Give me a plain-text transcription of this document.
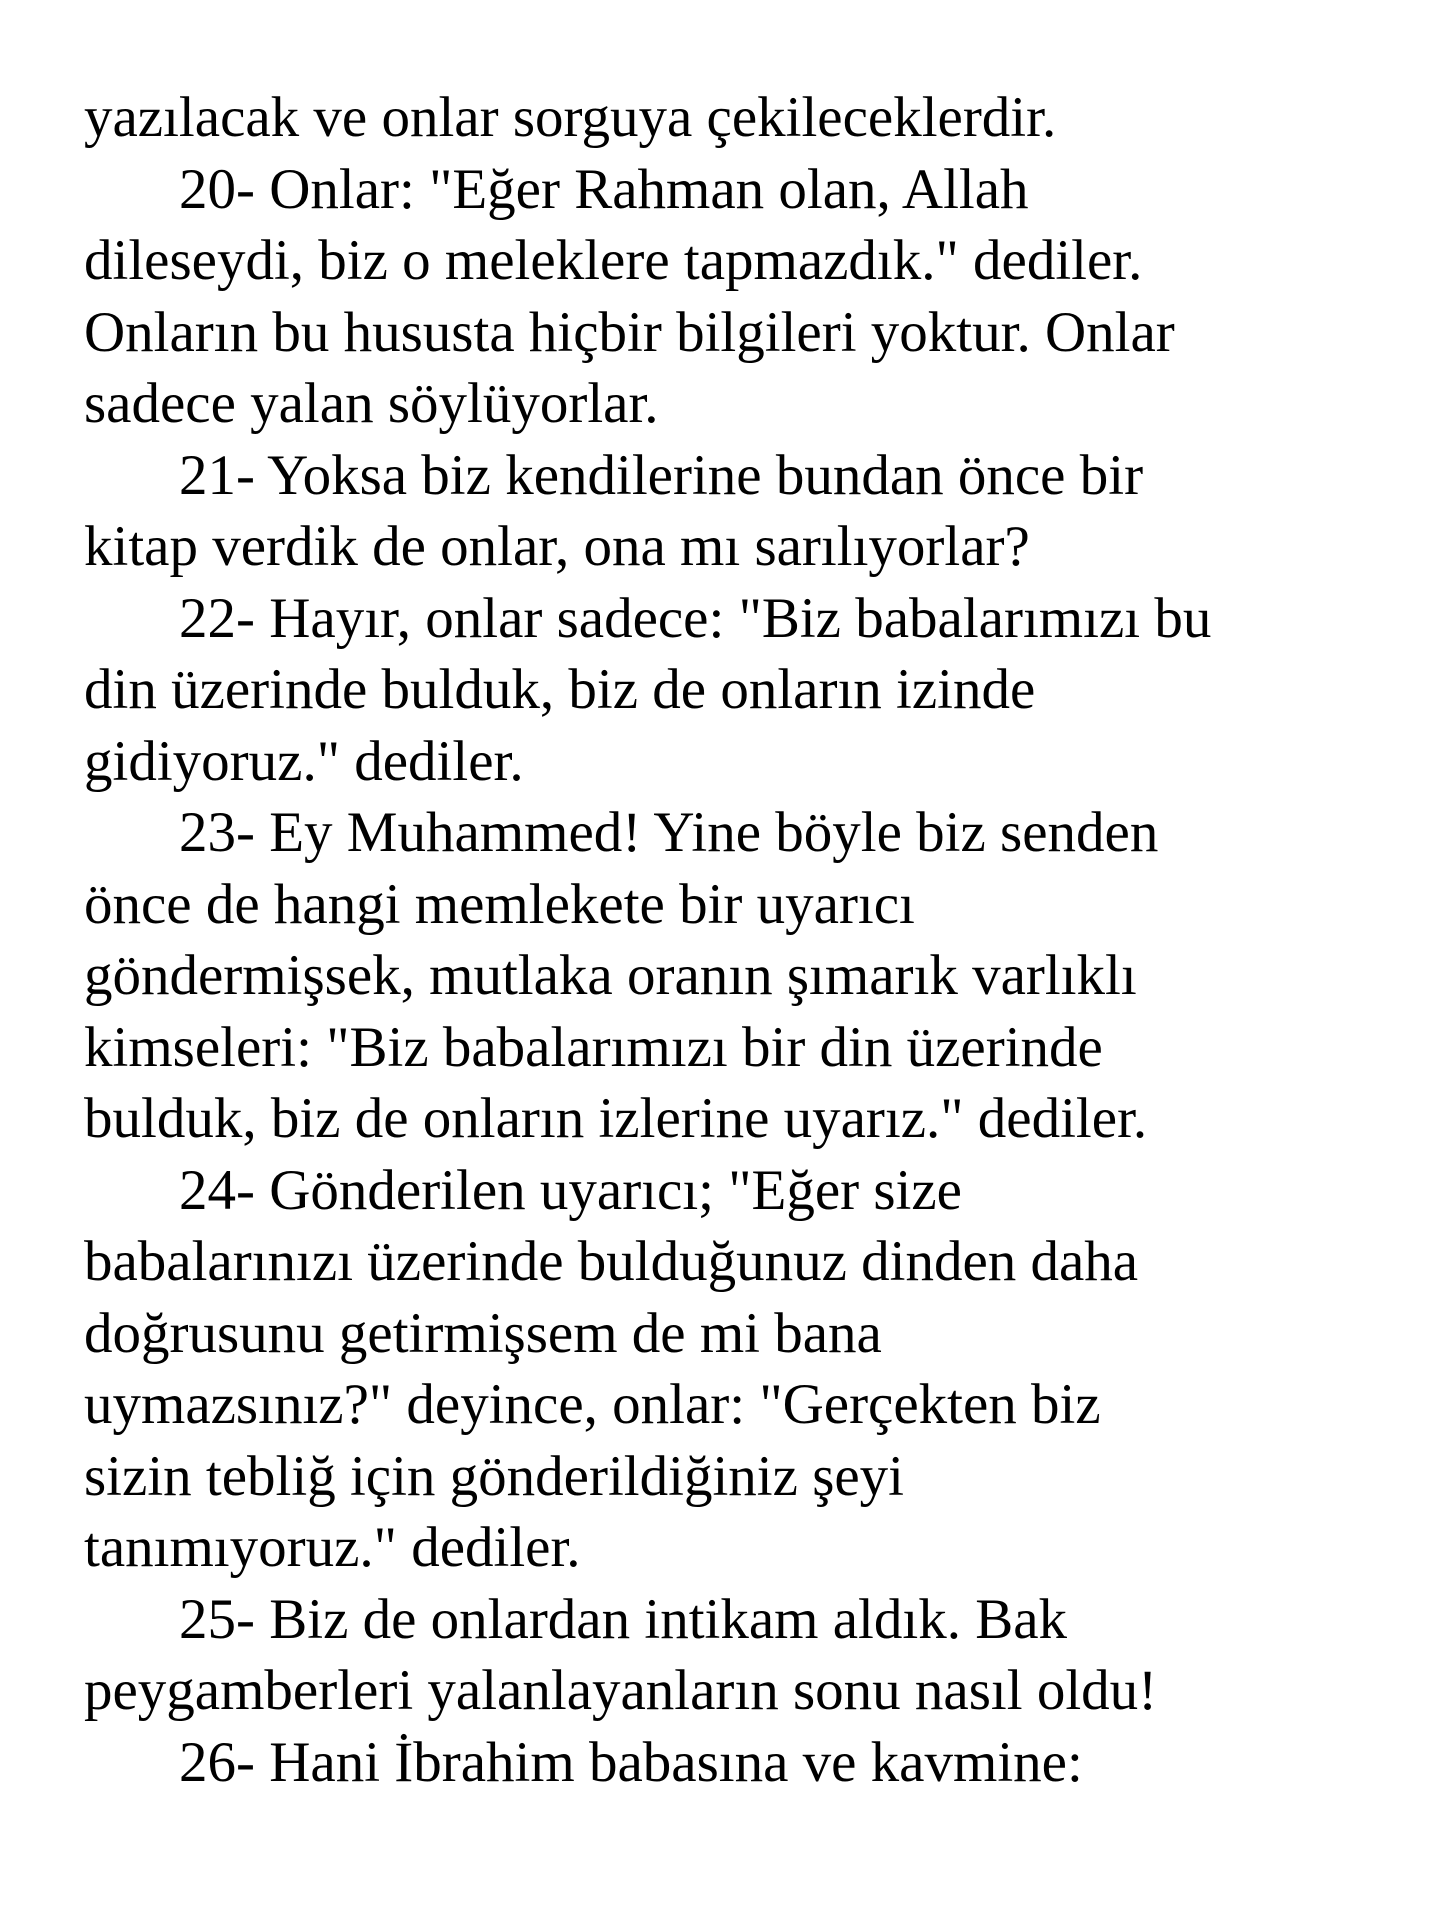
yazılacak ve onlar sorguya çekileceklerdir.

20- Onlar: "Eğer Rahman olan, Allah
dileseydi, biz o meleklere tapmazdık." dediler.
Onların bu hususta hiçbir bilgileri yoktur. Onlar
sadece yalan söylüyorlar.

21- Yoksa biz kendilerine bundan önce bir
kitap verdik de onlar, ona mı sarılıyorlar?

22- Hayır, onlar sadece: "Biz babalarımızı bu
din üzerinde bulduk, biz de onların izinde
gidiyoruz." dediler.

23- Ey Muhammed! Yine böyle biz senden
önce de hangi memlekete bir uyarıcı
göndermişsek, mutlaka oranın şımarık varlıklı
kimseleri: "Biz babalarımızı bir din üzerinde
bulduk, biz de onların izlerine uyarız." dediler.

24- Gönderilen uyarıcı; "Eğer size
babalarınızı üzerinde bulduğunuz dinden daha
doğrusunu getirmişsem de mi bana
uymazsınız?" deyince, onlar: "Gerçekten biz
sizin tebliğ için gönderildiğiniz şeyi
tanımıyoruz." dediler.

25- Biz de onlardan intikam aldık. Bak
peygamberleri yalanlayanların sonu nasıl oldu!

26- Hani İbrahim babasına ve kavmine:
